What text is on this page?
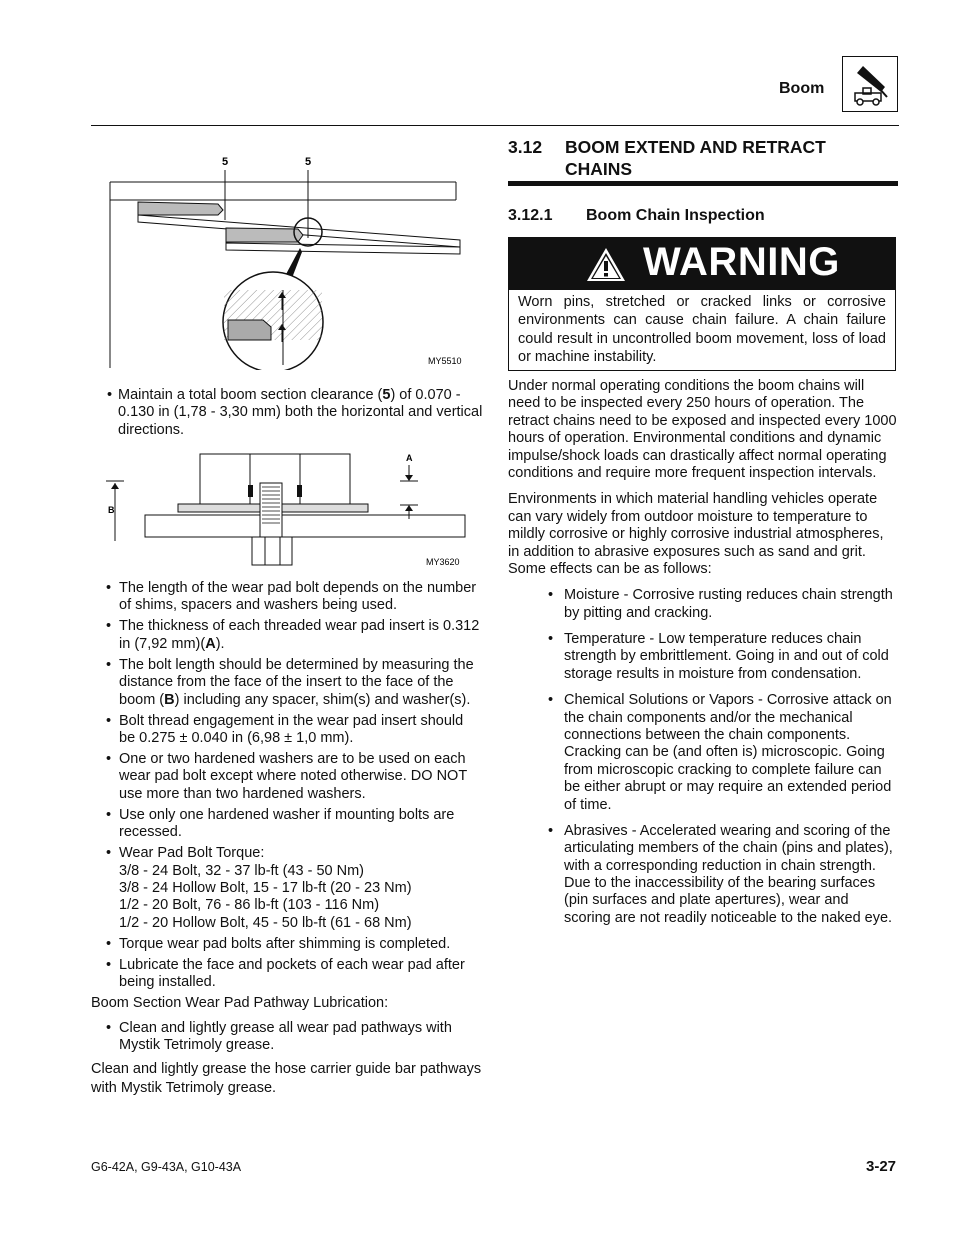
Boom
5	5
MY5510

• Maintain a total boom section clearance (5) of 0.070 - 0.130 in (1,78 - 3,30 mm) both the horizontal and vertical directions.

A
B
MY3620
• The length of the wear pad bolt depends on the number of shims, spacers and washers being used.
• The thickness of each threaded wear pad insert is 0.312 in (7,92 mm)(A).
• The bolt length should be determined by measuring the distance from the face of the insert to the face of the boom (B) including any spacer, shim(s) and washer(s).
• Bolt thread engagement in the wear pad insert should be 0.275 ± 0.040 in (6,98 ± 1,0 mm).
• One or two hardened washers are to be used on each wear pad bolt except where noted otherwise. DO NOT use more than two hardened washers.
• Use only one hardened washer if mounting bolts are recessed.
• Wear Pad Bolt Torque:
3/8 - 24 Bolt, 32 - 37 lb-ft (43 - 50 Nm)
3/8 - 24 Hollow Bolt, 15 - 17 lb-ft (20 - 23 Nm)
1/2 - 20 Bolt, 76 - 86 lb-ft (103 - 116 Nm)
1/2 - 20 Hollow Bolt, 45 - 50 lb-ft (61 - 68 Nm)
• Torque wear pad bolts after shimming is completed.
• Lubricate the face and pockets of each wear pad after being installed.

Boom Section Wear Pad Pathway Lubrication:

• Clean and lightly grease all wear pad pathways with Mystik Tetrimoly grease.

Clean and lightly grease the hose carrier guide bar pathways with Mystik Tetrimoly grease.

3.12 BOOM EXTEND AND RETRACT CHAINS
3.12.1 Boom Chain Inspection
WARNING
Worn pins, stretched or cracked links or corrosive environments can cause chain failure. A chain failure could result in uncontrolled boom movement, loss of load or machine instability.

Under normal operating conditions the boom chains will need to be inspected every 250 hours of operation. The retract chains need to be exposed and inspected every 1000 hours of operation. Environmental conditions and dynamic impulse/shock loads can drastically affect normal operating conditions and require more frequent inspection intervals.

Environments in which material handling vehicles operate can vary widely from outdoor moisture to temperature to mildly corrosive or highly corrosive industrial atmospheres, in addition to abrasive exposures such as sand and grit. Some effects can be as follows:

• Moisture - Corrosive rusting reduces chain strength by pitting and cracking.
• Temperature - Low temperature reduces chain strength by embrittlement. Going in and out of cold storage results in moisture from condensation.
• Chemical Solutions or Vapors - Corrosive attack on the chain components and/or the mechanical connections between the chain components. Cracking can be (and often is) microscopic. Going from microscopic cracking to complete failure can be either abrupt or may require an extended period of time.
• Abrasives - Accelerated wearing and scoring of the articulating members of the chain (pins and plates), with a corresponding reduction in chain strength. Due to the inaccessibility of the bearing surfaces (pin surfaces and plate apertures), wear and scoring are not readily noticeable to the naked eye.
G6-42A, G9-43A, G10-43A	3-27
